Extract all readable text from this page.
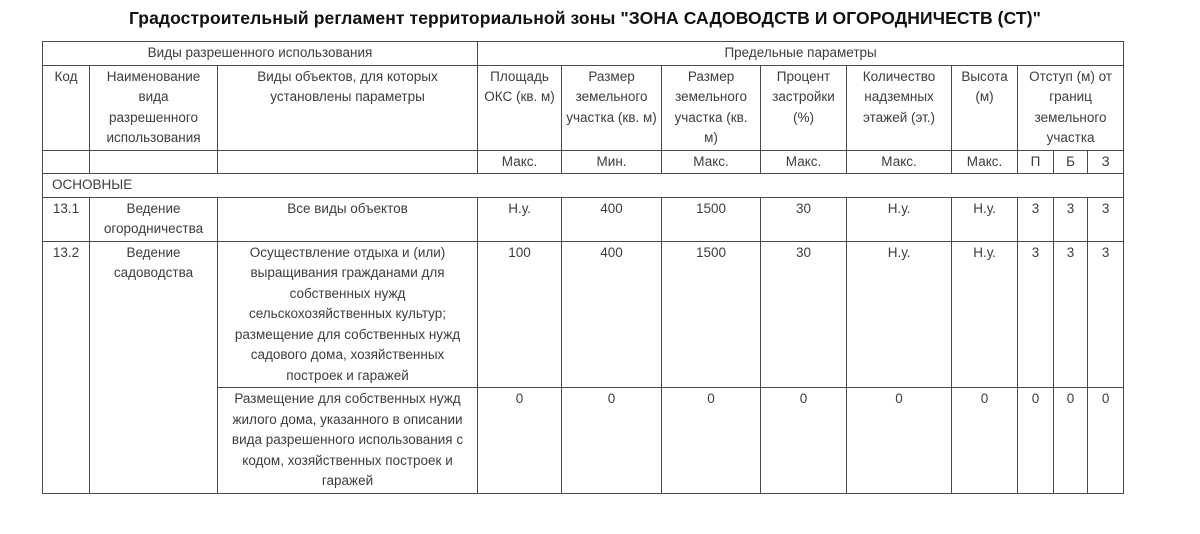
Градостроительный регламент территориальной зоны "ЗОНА САДОВОДСТВ И ОГОРОДНИЧЕСТВ (СТ)"
Виды разрешенного использования			Предельные параметры								
Код	Наименование вида разрешенного использования	Виды объектов, для которых установлены параметры	Площадь ОКС (кв. м)	Размер земельного участка (кв. м)	Размер земельного участка (кв. м)	Процент застройки (%)	Количество надземных этажей (эт.)	Высота (м)	Отступ (м) от границ земельного участка		
			Макс.	Мин.	Макс.	Макс.	Макс.	Макс.	П	Б	З
ОСНОВНЫЕ											
13.1	Ведение огородничества	Все виды объектов	Н.у.	400	1500	30	Н.у.	Н.у.	3	3	3
13.2	Ведение садоводства	Осуществление отдыха и (или) выращивания гражданами для собственных нужд сельскохозяйственных культур; размещение для собственных нужд садового дома, хозяйственных построек и гаражей	100	400	1500	30	Н.у.	Н.у.	3	3	3
		Размещение для собственных нужд жилого дома, указанного в описании вида разрешенного использования с кодом, хозяйственных построек и гаражей	0	0	0	0	0	0	0	0	0
